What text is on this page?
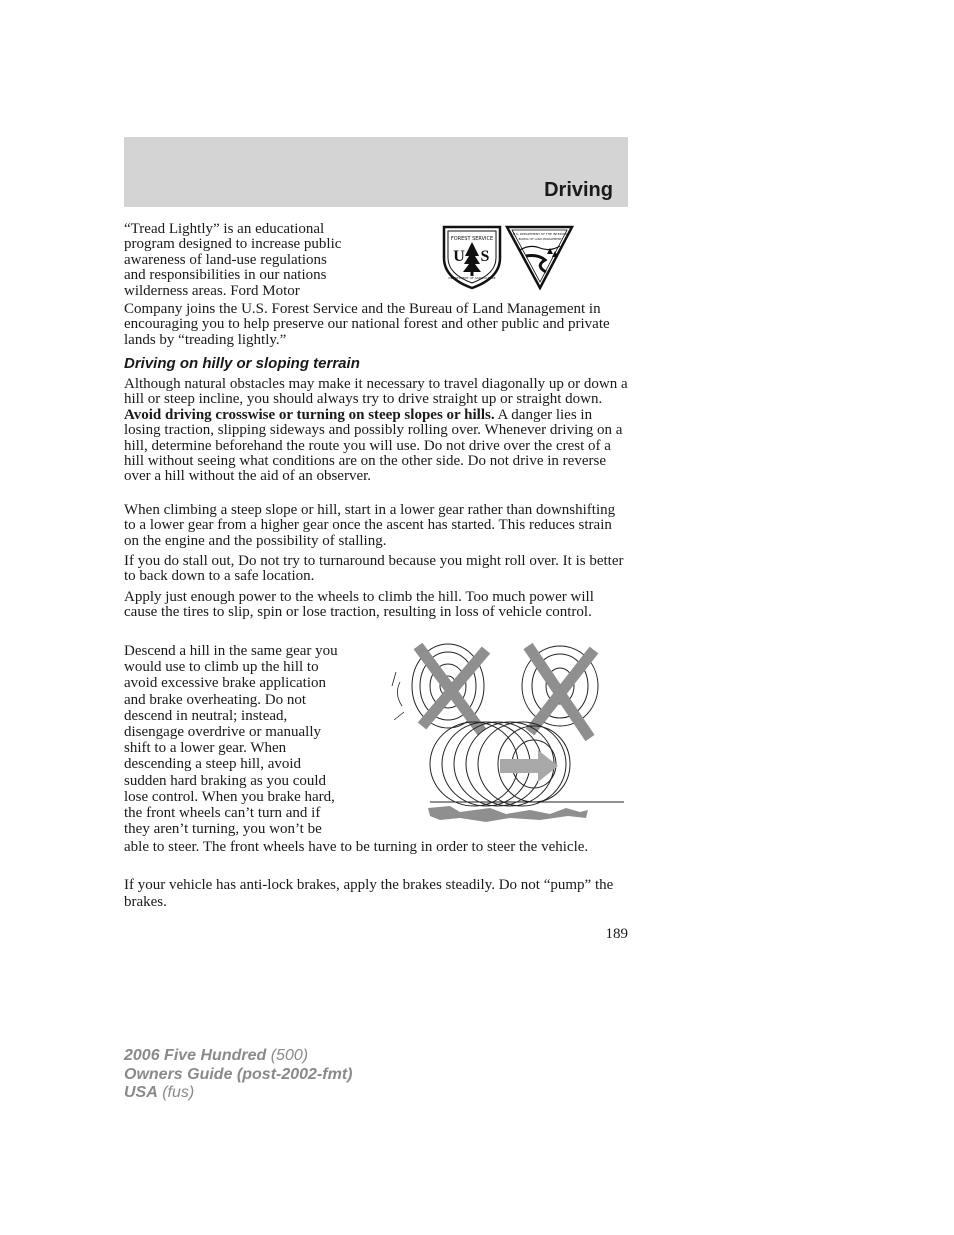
Driving
“Tread Lightly” is an educational
program designed to increase public
awareness of land-use regulations
and responsibilities in our nations
wilderness areas. Ford Motor

Company joins the U.S. Forest Service and the Bureau of Land Management in encouraging you to help preserve our national forest and other public and private lands by “treading lightly.”

FOREST SERVICE
U S
DEPARTMENT OF AGRICULTURE
U.S. DEPARTMENT OF THE INTERIOR
BUREAU OF LAND MANAGEMENT

Driving on hilly or sloping terrain

Although natural obstacles may make it necessary to travel diagonally up or down a hill or steep incline, you should always try to drive straight up or straight down. Avoid driving crosswise or turning on steep slopes or hills. A danger lies in losing traction, slipping sideways and possibly rolling over. Whenever driving on a hill, determine beforehand the route you will use. Do not drive over the crest of a hill without seeing what conditions are on the other side. Do not drive in reverse over a hill without the aid of an observer.

When climbing a steep slope or hill, start in a lower gear rather than downshifting to a lower gear from a higher gear once the ascent has started. This reduces strain on the engine and the possibility of stalling.

If you do stall out, Do not try to turnaround because you might roll over. It is better to back down to a safe location.

Apply just enough power to the wheels to climb the hill. Too much power will cause the tires to slip, spin or lose traction, resulting in loss of vehicle control.

Descend a hill in the same gear you
would use to climb up the hill to
avoid excessive brake application
and brake overheating. Do not
descend in neutral; instead,
disengage overdrive or manually
shift to a lower gear. When
descending a steep hill, avoid
sudden hard braking as you could
lose control. When you brake hard,
the front wheels can’t turn and if
they aren’t turning, you won’t be

able to steer. The front wheels have to be turning in order to steer the vehicle.

If your vehicle has anti-lock brakes, apply the brakes steadily. Do not “pump” the brakes.

189
2006 Five Hundred (500)
Owners Guide (post-2002-fmt)
USA (fus)
